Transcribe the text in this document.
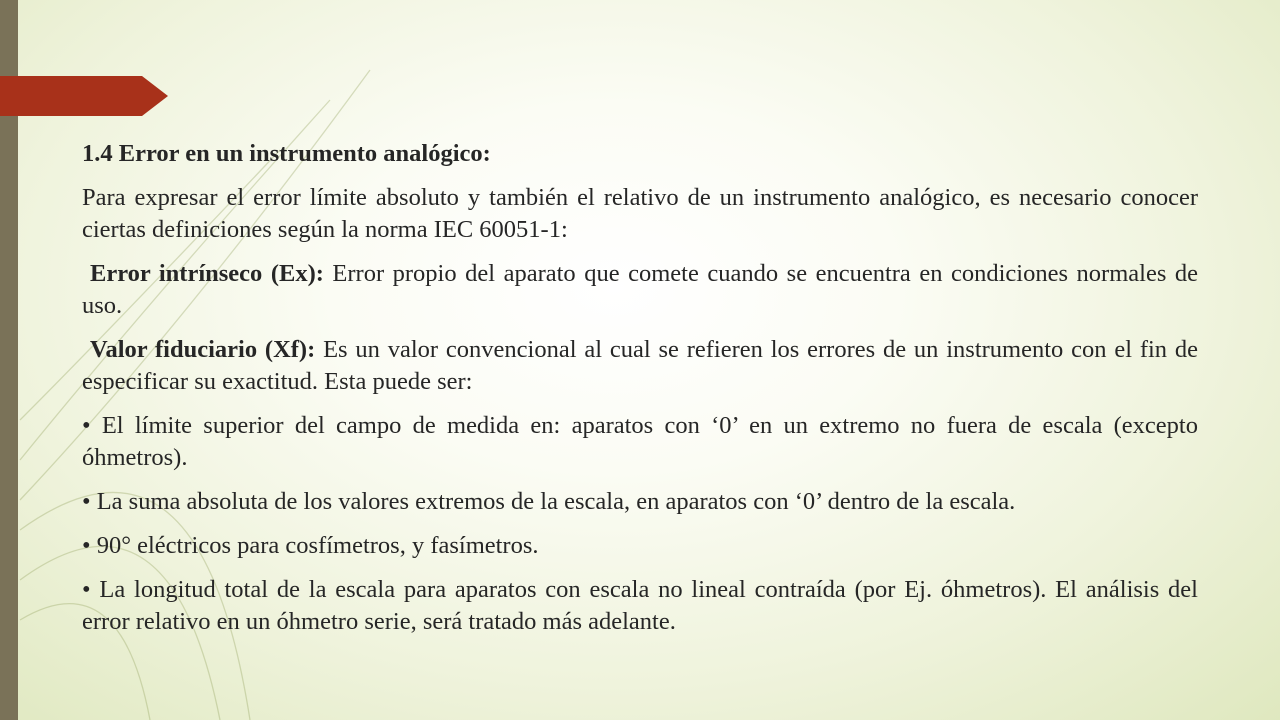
1.4 Error en un instrumento analógico:

Para expresar el error límite absoluto y también el relativo de un instrumento analógico, es necesario conocer ciertas definiciones según la norma IEC 60051-1:

Error intrínseco (Ex): Error propio del aparato que comete cuando se encuentra en condiciones normales de uso.

Valor fiduciario (Xf): Es un valor convencional al cual se refieren los errores de un instrumento con el fin de especificar su exactitud. Esta puede ser:

• El límite superior del campo de medida en: aparatos con ‘0’ en un extremo no fuera de escala (excepto óhmetros).

• La suma absoluta de los valores extremos de la escala, en aparatos con ‘0’ dentro de la escala.

• 90° eléctricos para cosfímetros, y fasímetros.

• La longitud total de la escala para aparatos con escala no lineal contraída (por Ej. óhmetros). El análisis del error relativo en un óhmetro serie, será tratado más adelante.
